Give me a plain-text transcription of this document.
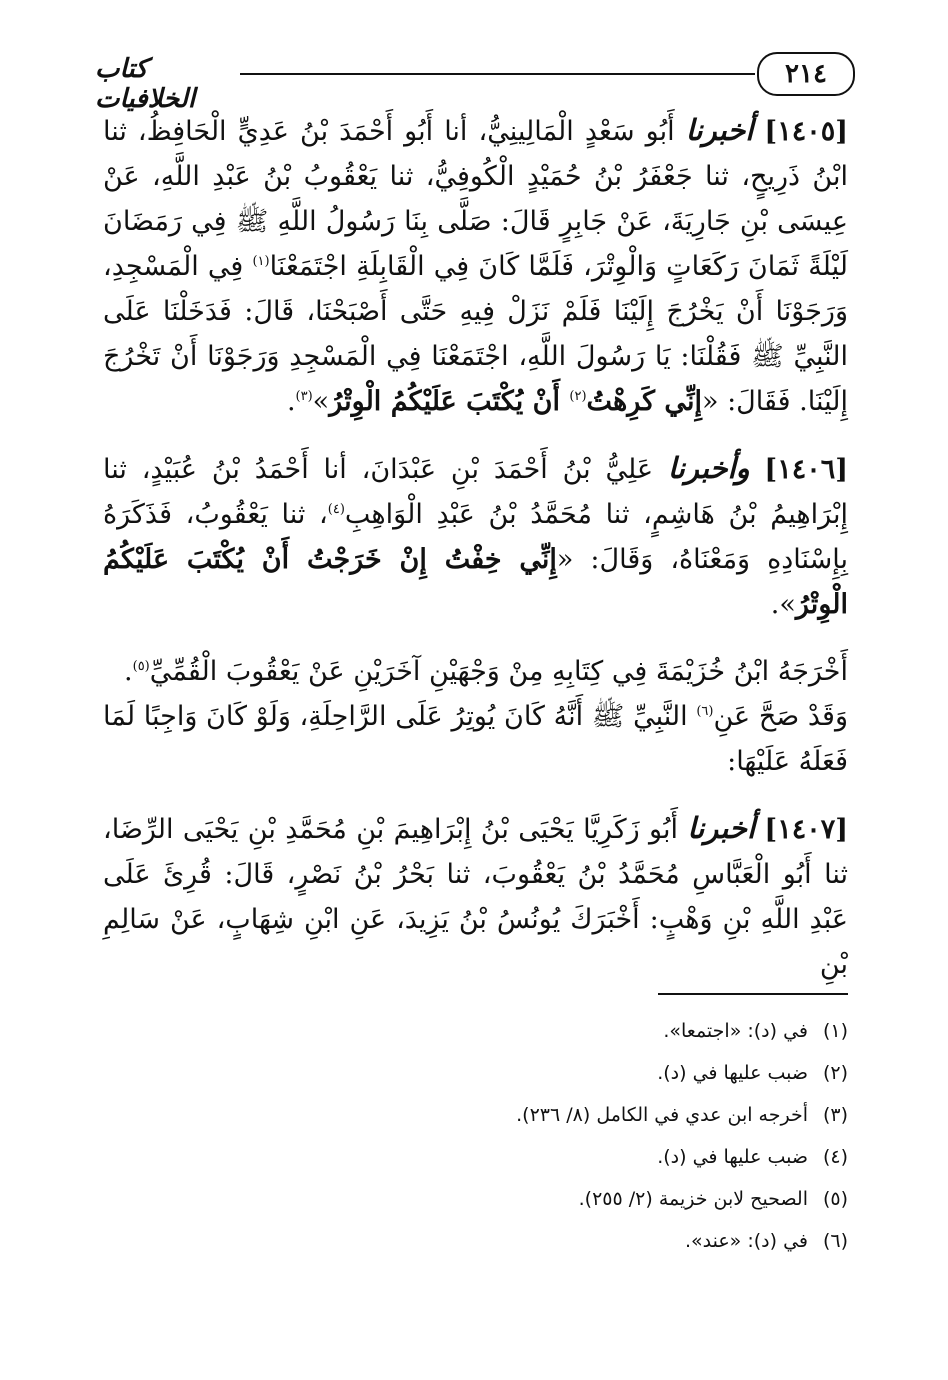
٢١٤
كتاب الخلافيات

[١٤٠٥] أخبرنا أَبُو سَعْدٍ الْمَالِينِيُّ، أنا أَبُو أَحْمَدَ بْنُ عَدِيٍّ الْحَافِظُ، ثنا ابْنُ ذَرِيحٍ، ثنا جَعْفَرُ بْنُ حُمَيْدٍ الْكُوفِيُّ، ثنا يَعْقُوبُ بْنُ عَبْدِ اللَّهِ، عَنْ عِيسَى بْنِ جَارِيَةَ، عَنْ جَابِرٍ قَالَ: صَلَّى بِنَا رَسُولُ اللَّهِ ﷺ فِي رَمَضَانَ لَيْلَةً ثَمَانَ رَكَعَاتٍ وَالْوِتْرَ، فَلَمَّا كَانَ فِي الْقَابِلَةِ اجْتَمَعْنَا$^{(١)}$ فِي الْمَسْجِدِ، وَرَجَوْنَا أَنْ يَخْرُجَ إِلَيْنَا فَلَمْ نَزَلْ فِيهِ حَتَّى أَصْبَحْنَا، قَالَ: فَدَخَلْنَا عَلَى النَّبِيِّ ﷺ فَقُلْنَا: يَا رَسُولَ اللَّهِ، اجْتَمَعْنَا فِي الْمَسْجِدِ وَرَجَوْنَا أَنْ تَخْرُجَ إِلَيْنَا. فَقَالَ: «إِنِّي كَرِهْتُ$^{(٢)}$ أَنْ يُكْتَبَ عَلَيْكُمُ الْوِتْرُ»$^{(٣)}$.

[١٤٠٦] وأخبرنا عَلِيُّ بْنُ أَحْمَدَ بْنِ عَبْدَانَ، أنا أَحْمَدُ بْنُ عُبَيْدٍ، ثنا إِبْرَاهِيمُ بْنُ هَاشِمٍ، ثنا مُحَمَّدُ بْنُ عَبْدِ الْوَاهِبِ$^{(٤)}$، ثنا يَعْقُوبُ، فَذَكَرَهُ بِإِسْنَادِهِ وَمَعْنَاهُ، وَقَالَ: «إِنِّي خِفْتُ إِنْ خَرَجْتُ أَنْ يُكْتَبَ عَلَيْكُمُ الْوِتْرُ».

أَخْرَجَهُ ابْنُ خُزَيْمَةَ فِي كِتَابِهِ مِنْ وَجْهَيْنِ آخَرَيْنِ عَنْ يَعْقُوبَ الْقُمِّيِّ$^{(٥)}$.

وَقَدْ صَحَّ عَنِ$^{(٦)}$ النَّبِيِّ ﷺ أَنَّهُ كَانَ يُوتِرُ عَلَى الرَّاحِلَةِ، وَلَوْ كَانَ وَاجِبًا لَمَا فَعَلَهُ عَلَيْهَا:

[١٤٠٧] أخبرنا أَبُو زَكَرِيَّا يَحْيَى بْنُ إِبْرَاهِيمَ بْنِ مُحَمَّدِ بْنِ يَحْيَى الرِّضَا، ثنا أَبُو الْعَبَّاسِ مُحَمَّدُ بْنُ يَعْقُوبَ، ثنا بَحْرُ بْنُ نَصْرٍ، قَالَ: قُرِئَ عَلَى عَبْدِ اللَّهِ بْنِ وَهْبٍ: أَخْبَرَكَ يُونُسُ بْنُ يَزِيدَ، عَنِ ابْنِ شِهَابٍ، عَنْ سَالِمِ بْنِ

(١)
في (د): «اجتمعا».
(٢)
ضبب عليها في (د).
(٣)
أخرجه ابن عدي في الكامل (٨/ ٢٣٦).
(٤)
ضبب عليها في (د).
(٥)
الصحيح لابن خزيمة (٢/ ٢٥٥).
(٦)
في (د): «عند».
